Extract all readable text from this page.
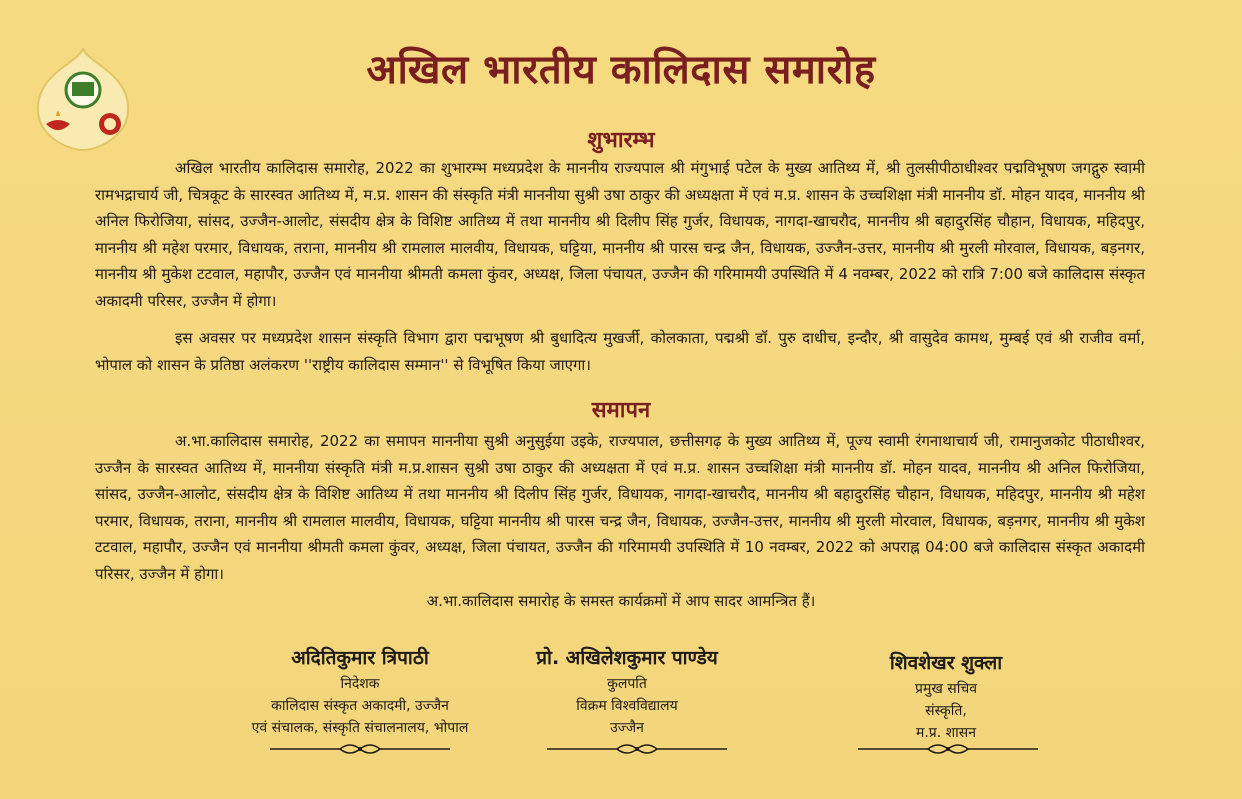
अखिल भारतीय कालिदास समारोह
शुभारम्भ
अखिल भारतीय कालिदास समारोह, 2022 का शुभारम्भ मध्यप्रदेश के माननीय राज्यपाल श्री मंगुभाई पटेल के मुख्य आतिथ्य में, श्री तुलसीपीठाधीश्वर पद्मविभूषण जगद्गुरु स्वामी रामभद्राचार्य जी, चित्रकूट के सारस्वत आतिथ्य में, म.प्र. शासन की संस्कृति मंत्री माननीया सुश्री उषा ठाकुर की अध्यक्षता में एवं म.प्र. शासन के उच्चशिक्षा मंत्री माननीय डॉ. मोहन यादव, माननीय श्री अनिल फिरोजिया, सांसद, उज्जैन-आलोट, संसदीय क्षेत्र के विशिष्ट आतिथ्य में तथा माननीय श्री दिलीप सिंह गुर्जर, विधायक, नागदा-खाचरौद, माननीय श्री बहादुरसिंह चौहान, विधायक, महिदपुर, माननीय श्री महेश परमार, विधायक, तराना, माननीय श्री रामलाल मालवीय, विधायक, घट्टिया, माननीय श्री पारस चन्द्र जैन, विधायक, उज्जैन-उत्तर, माननीय श्री मुरली मोरवाल, विधायक, बड़नगर, माननीय श्री मुकेश टटवाल, महापौर, उज्जैन एवं माननीया श्रीमती कमला कुंवर, अध्यक्ष, जिला पंचायत, उज्जैन की गरिमामयी उपस्थिति में 4 नवम्बर, 2022 को रात्रि 7:00 बजे कालिदास संस्कृत अकादमी परिसर, उज्जैन में होगा।
इस अवसर पर मध्यप्रदेश शासन संस्कृति विभाग द्वारा पद्मभूषण श्री बुधादित्य मुखर्जी, कोलकाता, पद्मश्री डॉ. पुरु दाधीच, इन्दौर, श्री वासुदेव कामथ, मुम्बई एवं श्री राजीव वर्मा, भोपाल को शासन के प्रतिष्ठा अलंकरण ''राष्ट्रीय कालिदास सम्मान'' से विभूषित किया जाएगा।
समापन
अ.भा.कालिदास समारोह, 2022 का समापन माननीया सुश्री अनुसुईया उइके, राज्यपाल, छत्तीसगढ़ के मुख्य आतिथ्य में, पूज्य स्वामी रंगनाथाचार्य जी, रामानुजकोट पीठाधीश्वर, उज्जैन के सारस्वत आतिथ्य में, माननीया संस्कृति मंत्री म.प्र.शासन सुश्री उषा ठाकुर की अध्यक्षता में एवं म.प्र. शासन उच्चशिक्षा मंत्री माननीय डॉ. मोहन यादव, माननीय श्री अनिल फिरोजिया, सांसद, उज्जैन-आलोट, संसदीय क्षेत्र के विशिष्ट आतिथ्य में तथा माननीय श्री दिलीप सिंह गुर्जर, विधायक, नागदा-खाचरौद, माननीय श्री बहादुरसिंह चौहान, विधायक, महिदपुर, माननीय श्री महेश परमार, विधायक, तराना, माननीय श्री रामलाल मालवीय, विधायक, घट्टिया माननीय श्री पारस चन्द्र जैन, विधायक, उज्जैन-उत्तर, माननीय श्री मुरली मोरवाल, विधायक, बड़नगर, माननीय श्री मुकेश टटवाल, महापौर, उज्जैन एवं माननीया श्रीमती कमला कुंवर, अध्यक्ष, जिला पंचायत, उज्जैन की गरिमामयी उपस्थिति में 10 नवम्बर, 2022 को अपराह्न 04:00 बजे कालिदास संस्कृत अकादमी परिसर, उज्जैन में होगा।
अ.भा.कालिदास समारोह के समस्त कार्यक्रमों में आप सादर आमन्त्रित हैं।
अदितिकुमार त्रिपाठी
निदेशक
कालिदास संस्कृत अकादमी, उज्जैन
एवं संचालक, संस्कृति संचालनालय, भोपाल
प्रो. अखिलेशकुमार पाण्डेय
कुलपति
विक्रम विश्वविद्यालय
उज्जैन
शिवशेखर शुक्ला
प्रमुख सचिव
संस्कृति,
म.प्र. शासन
